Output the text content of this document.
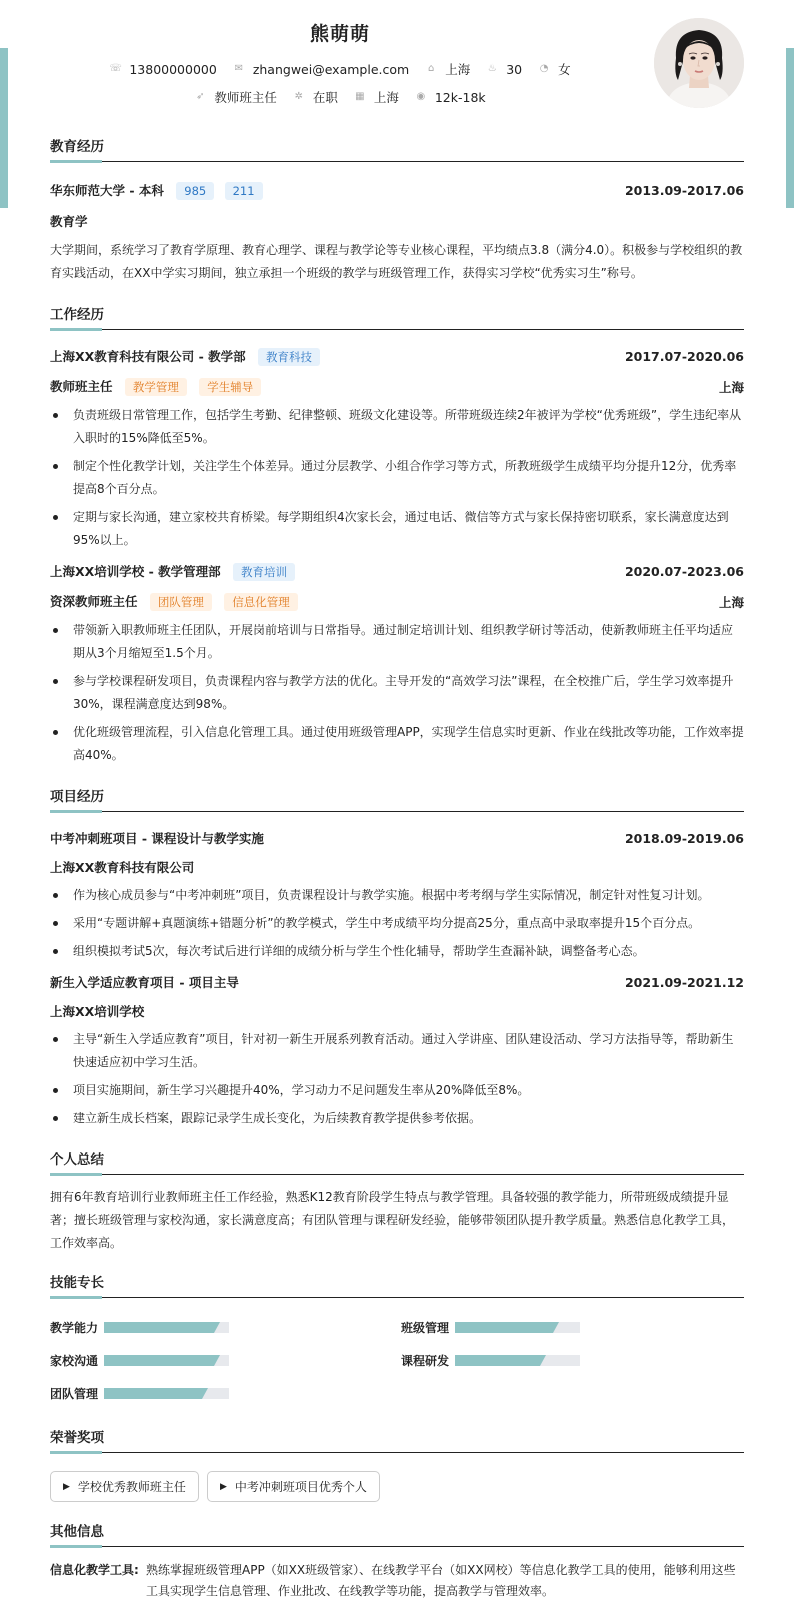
熊萌萌
☏ 13800000000 ✉ zhangwei@example.com ⌂ 上海 ♨ 30 ◔ 女
➶ 教师班主任 ✲ 在职 ▦ 上海 ◉ 12k-18k
教育经历
华东师范大学 - 本科 985 211	2013.09-2017.06
教育学
大学期间，系统学习了教育学原理、教育心理学、课程与教学论等专业核心课程，平均绩点3.8（满分4.0）。积极参与学校组织的教育实践活动，在XX中学实习期间，独立承担一个班级的教学与班级管理工作，获得实习学校“优秀实习生”称号。
工作经历
上海XX教育科技有限公司 - 教学部 教育科技	2017.07-2020.06
教师班主任 教学管理 学生辅导	上海
负责班级日常管理工作，包括学生考勤、纪律整顿、班级文化建设等。所带班级连续2年被评为学校“优秀班级”，学生违纪率从入职时的15%降低至5%。
制定个性化教学计划，关注学生个体差异。通过分层教学、小组合作学习等方式，所教班级学生成绩平均分提升12分，优秀率提高8个百分点。
定期与家长沟通，建立家校共育桥梁。每学期组织4次家长会，通过电话、微信等方式与家长保持密切联系，家长满意度达到95%以上。
上海XX培训学校 - 教学管理部 教育培训	2020.07-2023.06
资深教师班主任 团队管理 信息化管理	上海
带领新入职教师班主任团队，开展岗前培训与日常指导。通过制定培训计划、组织教学研讨等活动，使新教师班主任平均适应期从3个月缩短至1.5个月。
参与学校课程研发项目，负责课程内容与教学方法的优化。主导开发的“高效学习法”课程，在全校推广后，学生学习效率提升30%，课程满意度达到98%。
优化班级管理流程，引入信息化管理工具。通过使用班级管理APP，实现学生信息实时更新、作业在线批改等功能，工作效率提高40%。
项目经历
中考冲刺班项目 - 课程设计与教学实施	2018.09-2019.06
上海XX教育科技有限公司
作为核心成员参与“中考冲刺班”项目，负责课程设计与教学实施。根据中考考纲与学生实际情况，制定针对性复习计划。
采用“专题讲解+真题演练+错题分析”的教学模式，学生中考成绩平均分提高25分，重点高中录取率提升15个百分点。
组织模拟考试5次，每次考试后进行详细的成绩分析与学生个性化辅导，帮助学生查漏补缺，调整备考心态。
新生入学适应教育项目 - 项目主导	2021.09-2021.12
上海XX培训学校
主导“新生入学适应教育”项目，针对初一新生开展系列教育活动。通过入学讲座、团队建设活动、学习方法指导等，帮助新生快速适应初中学习生活。
项目实施期间，新生学习兴趣提升40%，学习动力不足问题发生率从20%降低至8%。
建立新生成长档案，跟踪记录学生成长变化，为后续教育教学提供参考依据。
个人总结
拥有6年教育培训行业教师班主任工作经验，熟悉K12教育阶段学生特点与教学管理。具备较强的教学能力，所带班级成绩提升显著；擅长班级管理与家校沟通，家长满意度高；有团队管理与课程研发经验，能够带领团队提升教学质量。熟悉信息化教学工具，工作效率高。
技能专长
教学能力	班级管理
家校沟通	课程研发
团队管理
荣誉奖项
▶ 学校优秀教师班主任	▶ 中考冲刺班项目优秀个人
其他信息
信息化教学工具: 熟练掌握班级管理APP（如XX班级管家）、在线教学平台（如XX网校）等信息化教学工具的使用，能够利用这些工具实现学生信息管理、作业批改、在线教学等功能，提高教学与管理效率。
